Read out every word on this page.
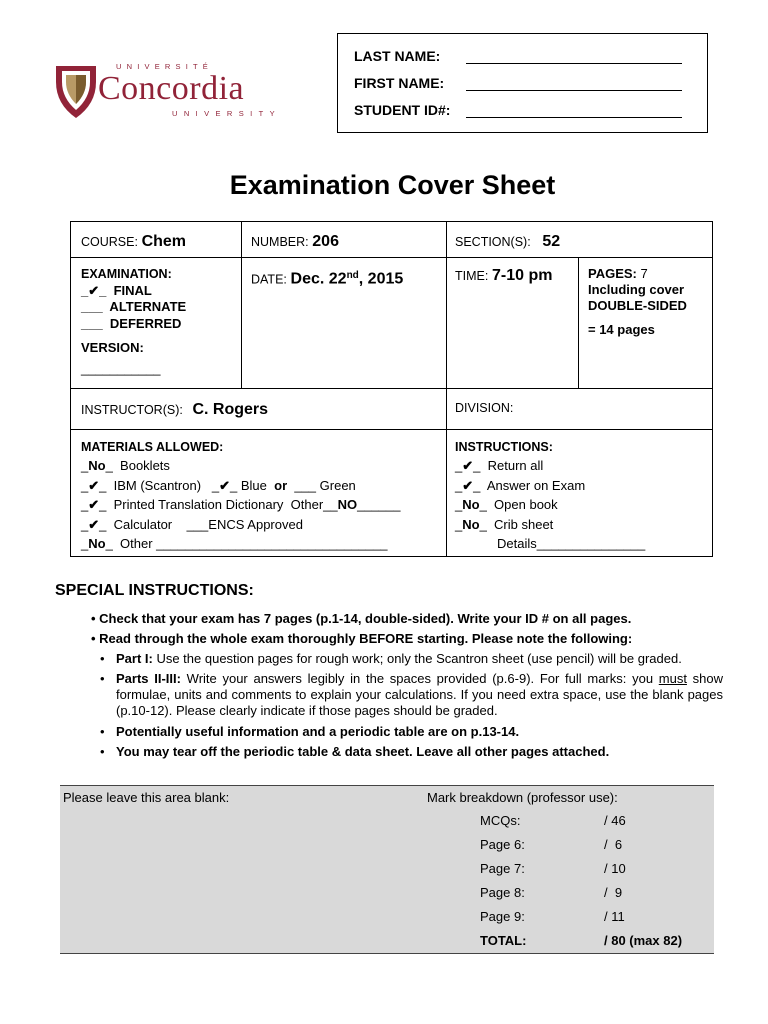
UNIVERSITÉ
Concordia
UNIVERSITY
LAST NAME:
FIRST NAME:
STUDENT ID#:
Examination Cover Sheet
COURSE: Chem	NUMBER: 206	SECTION(S): 52
EXAMINATION:
_✔_  FINAL
___  ALTERNATE
___  DEFERRED
VERSION:
___________
DATE: Dec. 22nd, 2015	TIME: 7-10 pm	PAGES: 7
Including cover
DOUBLE-SIDED
= 14 pages
INSTRUCTOR(S): C. Rogers	DIVISION:
MATERIALS ALLOWED:
_No_  Booklets
_✔_  IBM (Scantron)   _✔_ Blue or  ___ Green
_✔_  Printed Translation Dictionary  Other__NO______
_✔_  Calculator ___ENCS Approved
_No_  Other ________________________________
INSTRUCTIONS:
_✔_  Return all
_✔_  Answer on Exam
_No_  Open book
_No_  Crib sheet
Details_______________
SPECIAL INSTRUCTIONS:
• Check that your exam has 7 pages (p.1-14, double-sided). Write your ID # on all pages.
• Read through the whole exam thoroughly BEFORE starting. Please note the following:
• Part I: Use the question pages for rough work; only the Scantron sheet (use pencil) will be graded.
• Parts II-III: Write your answers legibly in the spaces provided (p.6-9). For full marks: you must show formulae, units and comments to explain your calculations. If you need extra space, use the blank pages (p.10-12). Please clearly indicate if those pages should be graded.
• Potentially useful information and a periodic table are on p.13-14.
• You may tear off the periodic table & data sheet. Leave all other pages attached.
Please leave this area blank:	Mark breakdown (professor use):
MCQs:	/ 46
Page 6:	/  6
Page 7:	/ 10
Page 8:	/  9
Page 9:	/ 11
TOTAL:	/ 80 (max 82)
